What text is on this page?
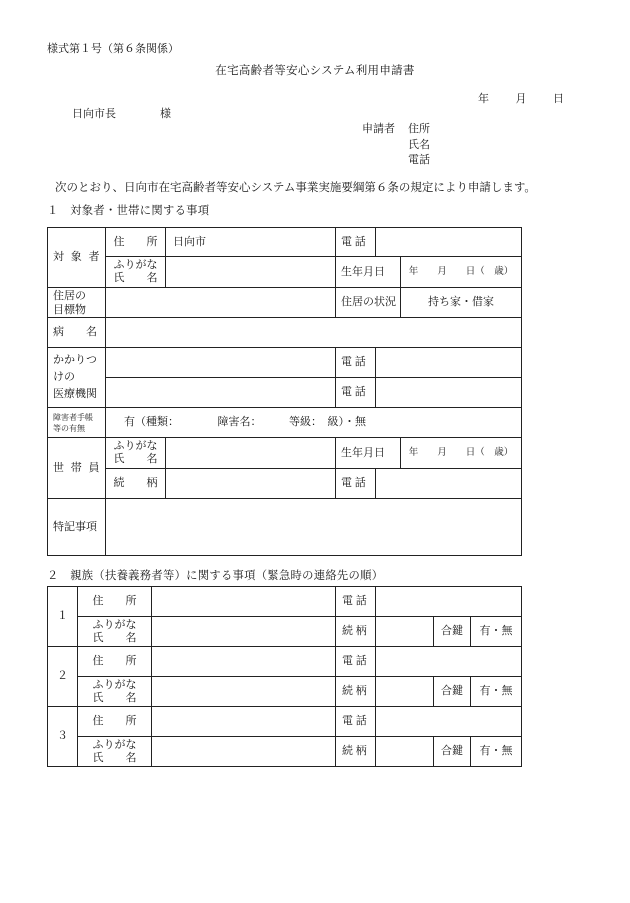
様式第１号（第６条関係）
在宅高齢者等安心システム利用申請書
年　　月　　日
日向市長　　　　様
申請者 住所
氏名
電話
次のとおり、日向市在宅高齢者等安心システム事業実施要綱第６条の規定により申請します。
１　対象者・世帯に関する事項
対 象 者	住　　所	日向市	電 話		

	ふりがな
氏　　名		生年月日		年　　月　　日（　歳）

住居の
目標物			住居の状況		持ち家・借家
病　　名					

かかりつ
けの
医療機関			電 話		
			電 話		

障害者手帳
等の有無	有（種類：　　　　障害名：　　　等級：　級）・無				
世 帯 員	ふりがな
氏　　名		生年月日		年　　月　　日（　歳）
	続　　柄		電 話		
特記事項					
２　親族（扶養義務者等）に関する事項（緊急時の連絡先の順）
１	住　　所		電 話			

	ふりがな
氏　　名		続 柄		合鍵	有・無
２	住　　所		電 話			

	ふりがな
氏　　名		続 柄		合鍵	有・無
３	住　　所		電 話			

	ふりがな
氏　　名		続 柄		合鍵	有・無
